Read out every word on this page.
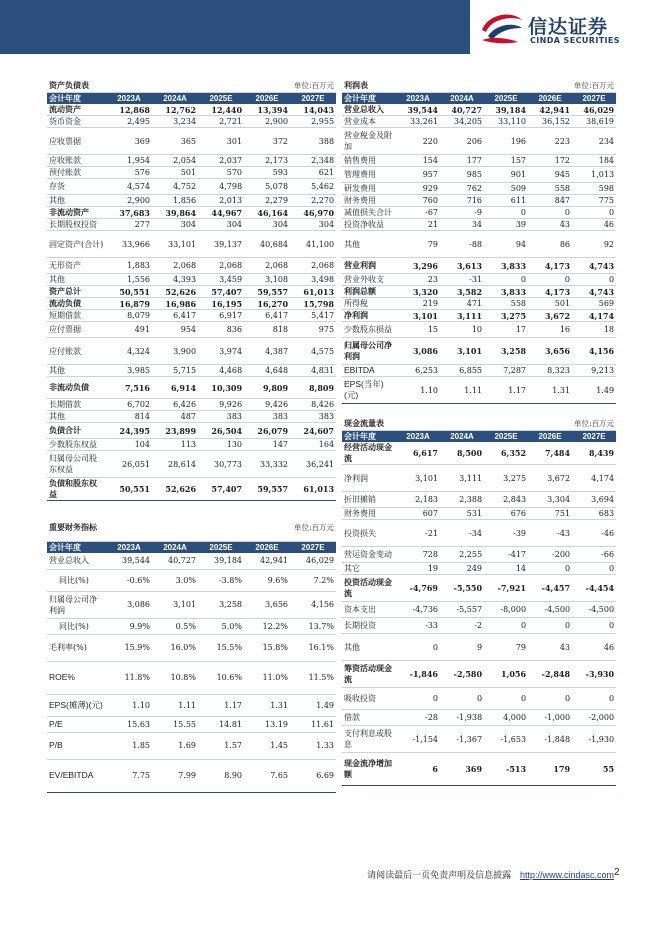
信达证券
CINDA SECURITIES
资产负债表			单位:百万元		
会计年度	2023A	2024A	2025E	2026E	2027E
流动资产	12,868	12,762	12,440	13,394	14,043
货币资金	2,495	3,234	2,721	2,900	2,955
应收票据	369	365	301	372	388
应收账款	1,954	2,054	2,037	2,173	2,348
预付账款	576	501	570	593	621
存货	4,574	4,752	4,798	5,078	5,462
其他	2,900	1,856	2,013	2,279	2,270
非流动资产	37,683	39,864	44,967	46,164	46,970
长期股权投资	277	304	304	304	304
固定资产(合计)	33,966	33,101	39,137	40,684	41,100
无形资产	1,883	2,068	2,068	2,068	2,068
其他	1,556	4,393	3,459	3,108	3,498
资产总计	50,551	52,626	57,407	59,557	61,013
流动负债	16,879	16,986	16,195	16,270	15,798
短期借款	8,079	6,417	6,917	6,417	5,417
应付票据	491	954	836	818	975
应付账款	4,324	3,900	3,974	4,387	4,575
其他	3,985	5,715	4,468	4,648	4,831
非流动负债	7,516	6,914	10,309	9,809	8,809
长期借款	6,702	6,426	9,926	9,426	8,426
其他	814	487	383	383	383
负债合计	24,395	23,899	26,504	26,079	24,607
少数股东权益	104	113	130	147	164
归属母公司股东权益	26,051	28,614	30,773	33,332	36,241
负债和股东权益	50,551	52,626	57,407	59,557	61,013
利润表			单位:百万元		
会计年度	2023A	2024A	2025E	2026E	2027E
营业总收入	39,544	40,727	39,184	42,941	46,029
营业成本	33,261	34,205	33,110	36,152	38,619
营业税金及附加	220	206	196	223	234
销售费用	154	177	157	172	184
管理费用	957	985	901	945	1,013
研发费用	929	762	509	558	598
财务费用	760	716	611	847	775
减值损失合计	-67	-9	0	0	0
投资净收益	21	34	39	43	46
其他	79	-88	94	86	92
营业利润	3,296	3,613	3,833	4,173	4,743
营业外收支	23	-31	0	0	0
利润总额	3,320	3,582	3,833	4,173	4,743
所得税	219	471	558	501	569
净利润	3,101	3,111	3,275	3,672	4,174
少数股东损益	15	10	17	16	18
归属母公司净利润	3,086	3,101	3,258	3,656	4,156
EBITDA	6,253	6,855	7,287	8,323	9,213
EPS(当年)(元)	1.10	1.11	1.17	1.31	1.49
重要财务指标				单位:百万元	
会计年度	2023A	2024A	2025E	2026E	2027E
营业总收入	39,544	40,727	39,184	42,941	46,029
同比(%)	-0.6%	3.0%	-3.8%	9.6%	7.2%
归属母公司净利润	3,086	3,101	3,258	3,656	4,156
同比(%)	9.9%	0.5%	5.0%	12.2%	13.7%
毛利率(%)	15.9%	16.0%	15.5%	15.8%	16.1%
ROE%	11.8%	10.8%	10.6%	11.0%	11.5%
EPS(摊薄)(元)	1.10	1.11	1.17	1.31	1.49
P/E	15.63	15.55	14.81	13.19	11.61
P/B	1.85	1.69	1.57	1.45	1.33
EV/EBITDA	7.75	7.99	8.90	7.65	6.69
现金流量表			单位:百万元		
会计年度	2023A	2024A	2025E	2026E	2027E
经营活动现金流	6,617	8,500	6,352	7,484	8,439
净利润	3,101	3,111	3,275	3,672	4,174
折旧摊销	2,183	2,388	2,843	3,304	3,694
财务费用	607	531	676	751	683
投资损失	-21	-34	-39	-43	-46
营运资金变动	728	2,255	-417	-200	-66
其它	19	249	14	0	0
投资活动现金流	-4,769	-5,550	-7,921	-4,457	-4,454
资本支出	-4,736	-5,557	-8,000	-4,500	-4,500
长期投资	-33	-2	0	0	0
其他	0	9	79	43	46
筹资活动现金流	-1,846	-2,580	1,056	-2,848	-3,930
吸收投资	0	0	0	0	0
借款	-28	-1,938	4,000	-1,000	-2,000
支付利息或股息	-1,154	-1,367	-1,653	-1,848	-1,930
现金流净增加额	6	369	-513	179	55
请阅读最后一页免责声明及信息披露 http://www.cindasc.com 2
